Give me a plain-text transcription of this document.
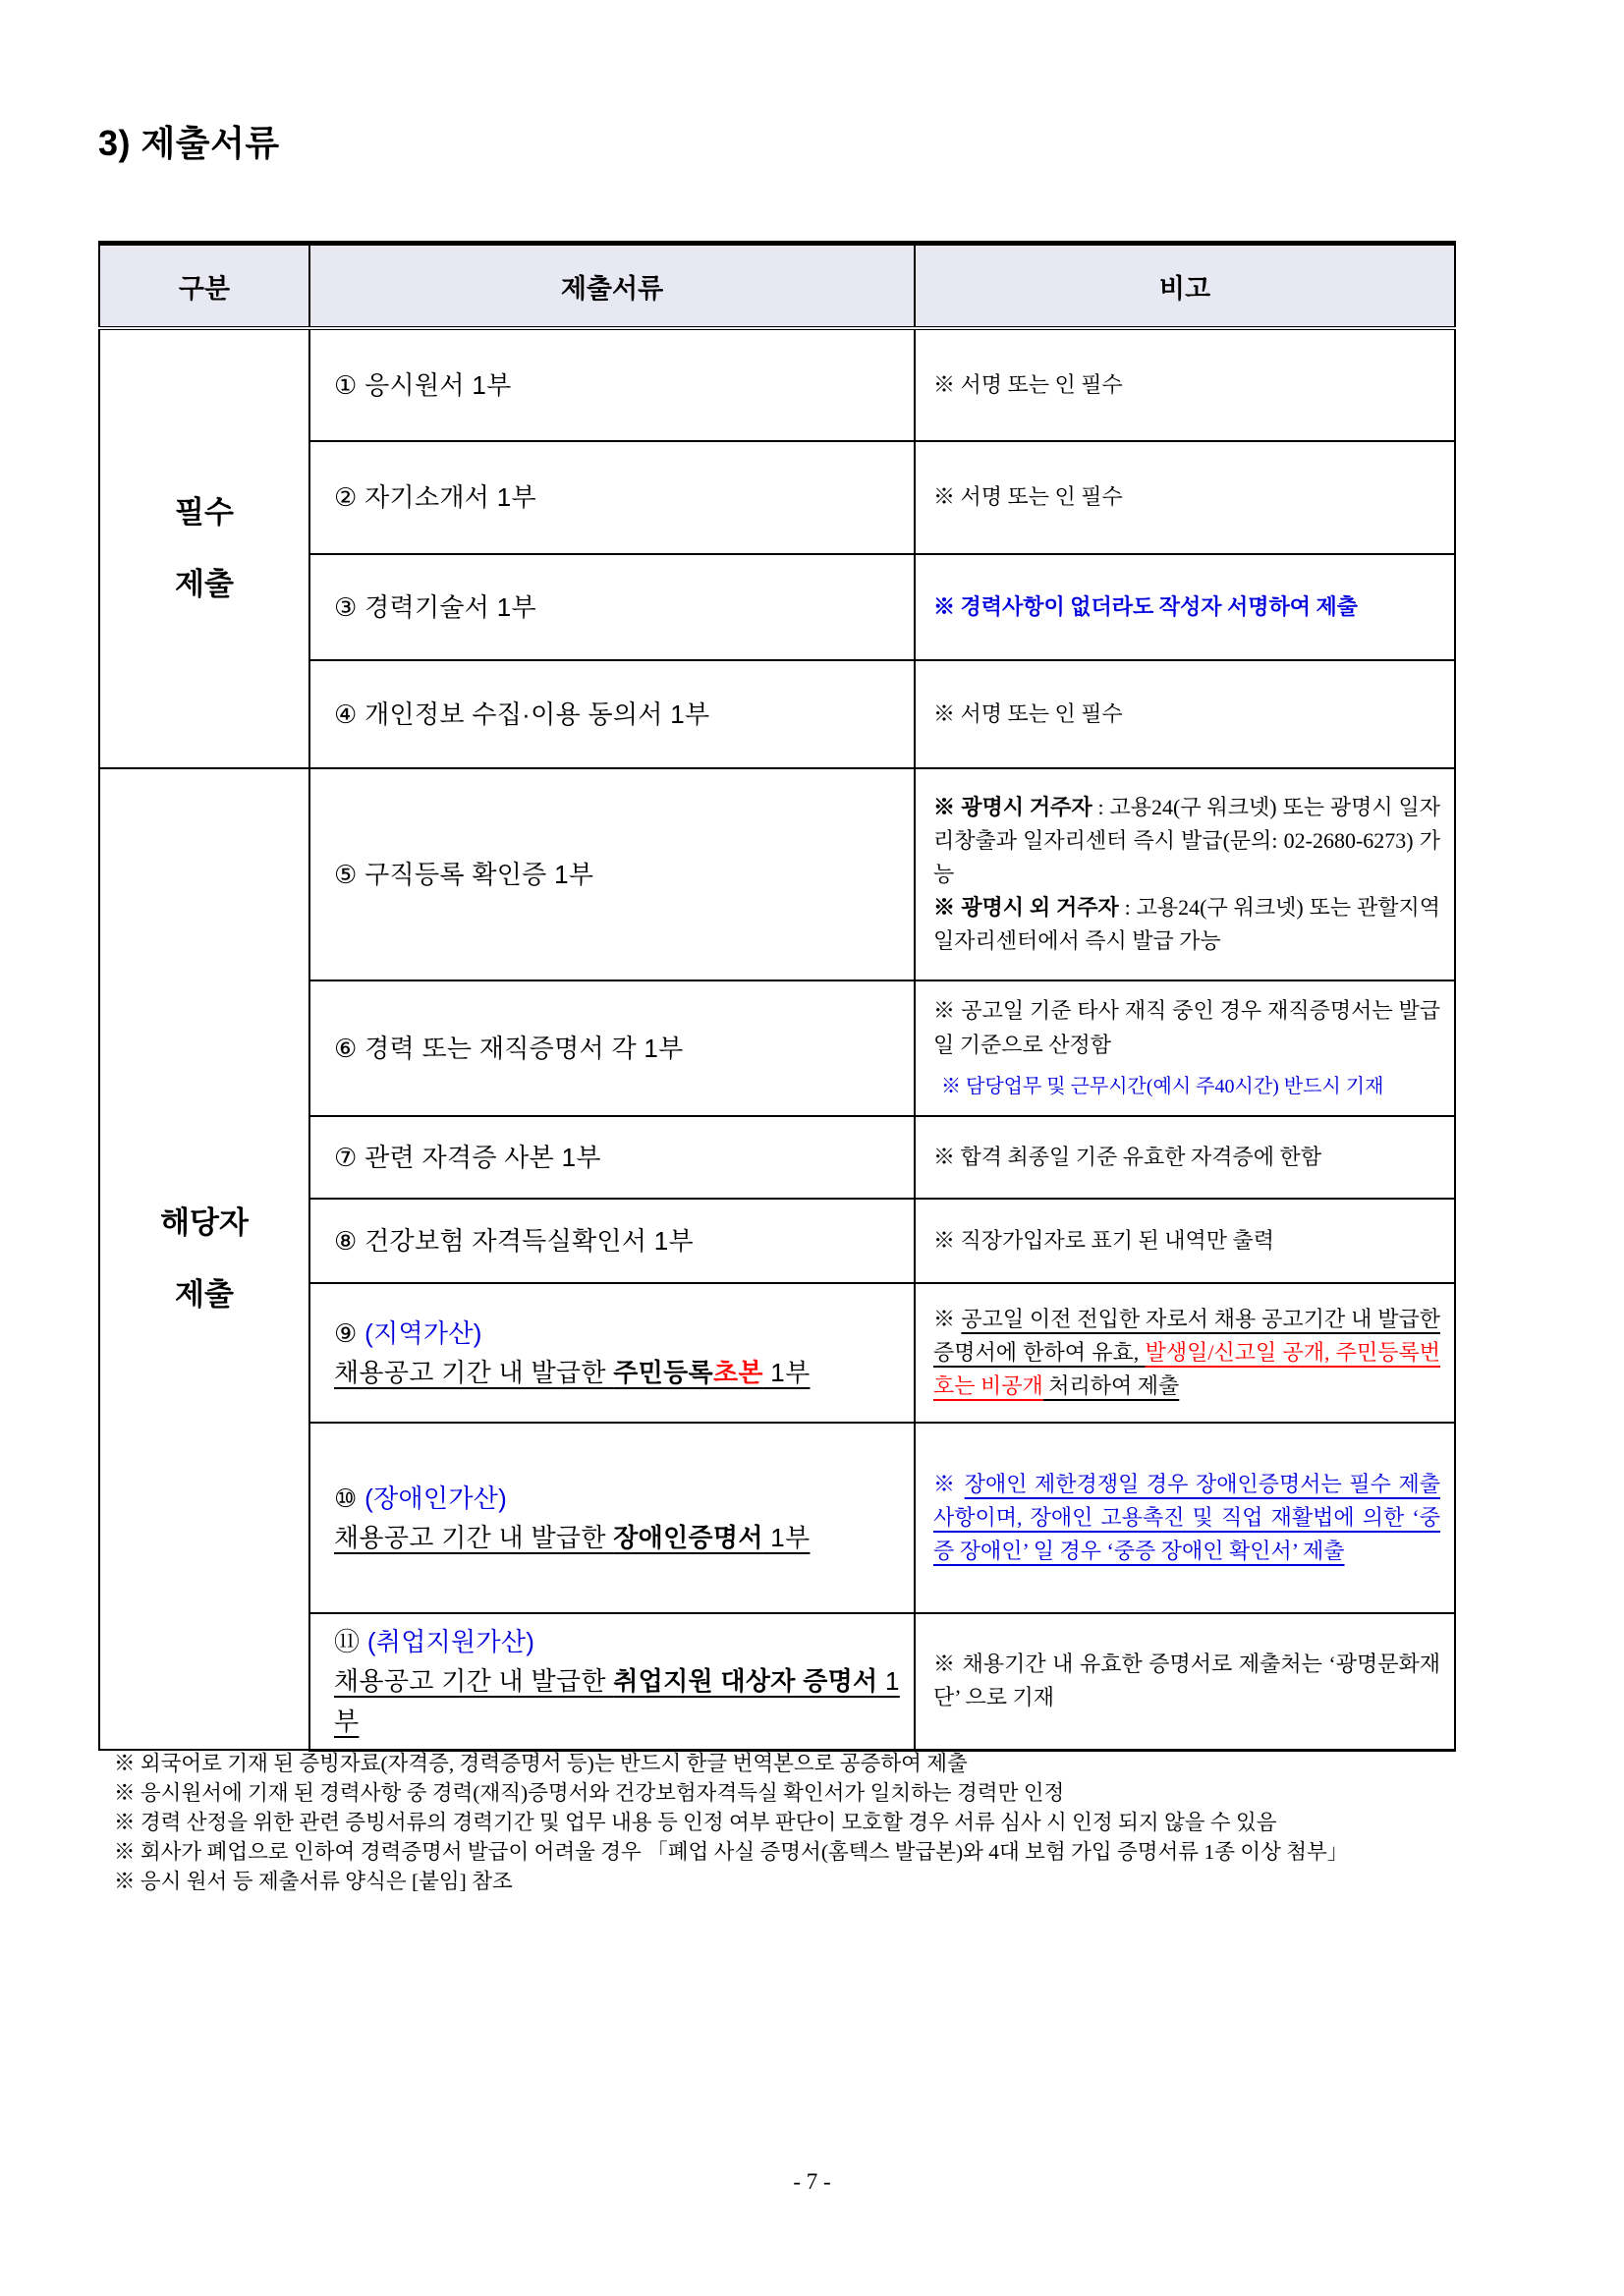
3) 제출서류
구분	제출서류	비고

필수
제출	① 응시원서 1부	※ 서명 또는 인 필수
	② 자기소개서 1부	※ 서명 또는 인 필수
	③ 경력기술서 1부	※ 경력사항이 없더라도 작성자 서명하여 제출
	④ 개인정보 수집·이용 동의서 1부	※ 서명 또는 인 필수

해당자
제출
	⑤ 구직등록 확인증 1부	※ 광명시 거주자 : 고용24(구 워크넷) 또는 광명시 일자리창출과 일자리센터 즉시 발급(문의: 02-2680-6273) 가능
※ 광명시 외 거주자 : 고용24(구 워크넷) 또는 관할지역 일자리센터에서 즉시 발급 가능
	⑥ 경력 또는 재직증명서 각 1부	※ 공고일 기준 타사 재직 중인 경우 재직증명서는 발급일 기준으로 산정함
※ 담당업무 및 근무시간(예시 주40시간) 반드시 기재

	⑦ 관련 자격증 사본 1부	※ 합격 최종일 기준 유효한 자격증에 한함
	⑧ 건강보험 자격득실확인서 1부	※ 직장가입자로 표기 된 내역만 출력
	⑨ (지역가산)
채용공고 기간 내 발급한 주민등록초본 1부	※ 공고일 이전 전입한 자로서 채용 공고기간 내 발급한 증명서에 한하여 유효, 발생일/신고일 공개, 주민등록번호는 비공개 처리하여 제출
	⑩ (장애인가산)
채용공고 기간 내 발급한 장애인증명서 1부	※ 장애인 제한경쟁일 경우 장애인증명서는 필수 제출 사항이며, 장애인 고용촉진 및 직업 재활법에 의한 ‘중증 장애인’ 일 경우 ‘중증 장애인 확인서’ 제출
	⑪ (취업지원가산)
채용공고 기간 내 발급한 취업지원 대상자 증명서 1부	※ 채용기간 내 유효한 증명서로 제출처는 ‘광명문화재단’ 으로 기재
※ 외국어로 기재 된 증빙자료(자격증, 경력증명서 등)는 반드시 한글 번역본으로 공증하여 제출
※ 응시원서에 기재 된 경력사항 중 경력(재직)증명서와 건강보험자격득실 확인서가 일치하는 경력만 인정
※ 경력 산정을 위한 관련 증빙서류의 경력기간 및 업무 내용 등 인정 여부 판단이 모호할 경우 서류 심사 시 인정 되지 않을 수 있음
※ 회사가 폐업으로 인하여 경력증명서 발급이 어려울 경우 「폐업 사실 증명서(홈텍스 발급본)와 4대 보험 가입 증명서류 1종 이상 첨부」
※ 응시 원서 등 제출서류 양식은 [붙임] 참조
- 7 -
